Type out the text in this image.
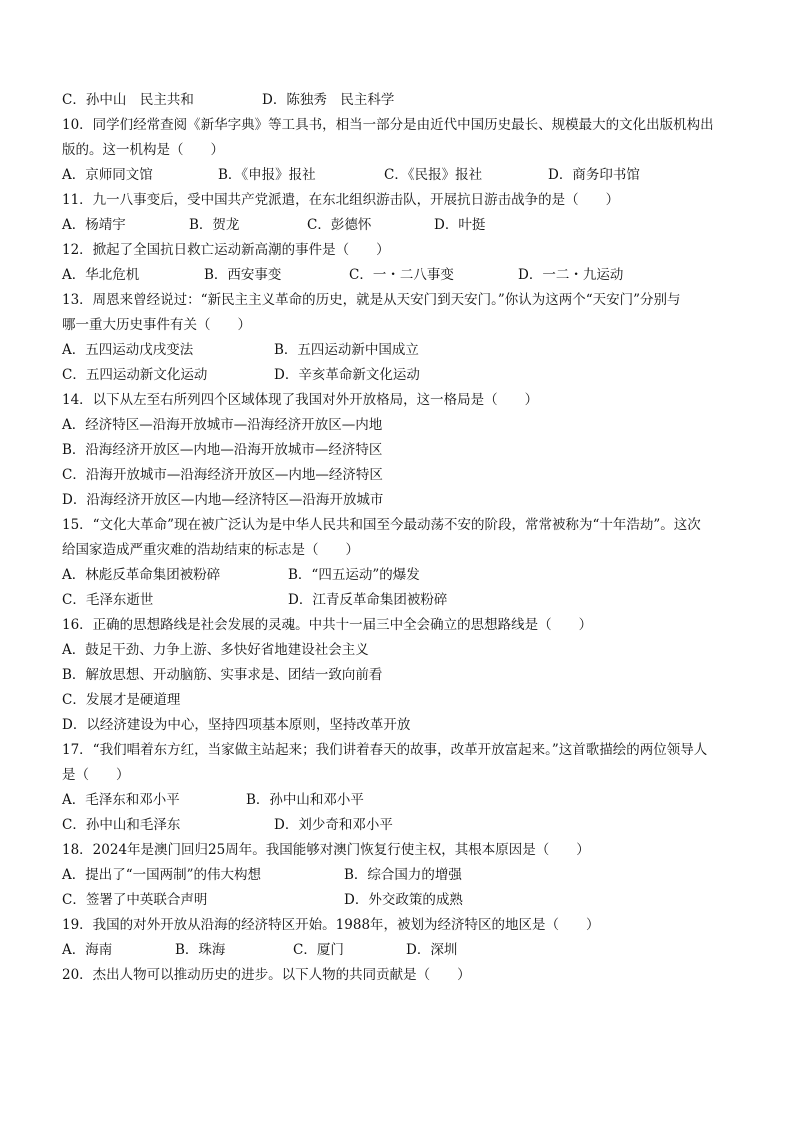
C．孙中山　民主共和	D．陈独秀　民主科学
10．同学们经常查阅《新华字典》等工具书，相当一部分是由近代中国历史最长、规模最大的文化出版机构出
版的。这一机构是（　　）
A．京师同文馆	B．《申报》报社	C．《民报》报社	D．商务印书馆
11．九一八事变后，受中国共产党派遣，在东北组织游击队，开展抗日游击战争的是（　　）
A．杨靖宇	B．贺龙	C．彭德怀	D．叶挺
12．掀起了全国抗日救亡运动新高潮的事件是（　　）
A．华北危机	B．西安事变	C．一・二八事变	D．一二・九运动
13．周恩来曾经说过：“新民主主义革命的历史，就是从天安门到天安门。”你认为这两个“天安门”分别与
哪一重大历史事件有关（　　）
A．五四运动戊戌变法	B．五四运动新中国成立
C．五四运动新文化运动	D．辛亥革命新文化运动
14．以下从左至右所列四个区域体现了我国对外开放格局，这一格局是（　　）
A．经济特区—沿海开放城市—沿海经济开放区—内地
B．沿海经济开放区—内地—沿海开放城市—经济特区
C．沿海开放城市—沿海经济开放区—内地—经济特区
D．沿海经济开放区—内地—经济特区—沿海开放城市
15．“文化大革命”现在被广泛认为是中华人民共和国至今最动荡不安的阶段，常常被称为“十年浩劫”。这次
给国家造成严重灾难的浩劫结束的标志是（　　）
A．林彪反革命集团被粉碎	B．“四五运动”的爆发
C．毛泽东逝世	D．江青反革命集团被粉碎
16．正确的思想路线是社会发展的灵魂。中共十一届三中全会确立的思想路线是（　　）
A．鼓足干劲、力争上游、多快好省地建设社会主义
B．解放思想、开动脑筋、实事求是、团结一致向前看
C．发展才是硬道理
D．以经济建设为中心，坚持四项基本原则，坚持改革开放
17．“我们唱着东方红，当家做主站起来；我们讲着春天的故事，改革开放富起来。”这首歌描绘的两位领导人
是（　　）
A．毛泽东和邓小平	B．孙中山和邓小平
C．孙中山和毛泽东	D．刘少奇和邓小平
18．2024年是澳门回归25周年。我国能够对澳门恢复行使主权，其根本原因是（　　）
A．提出了“一国两制”的伟大构想	B．综合国力的增强
C．签署了中英联合声明	D．外交政策的成熟
19．我国的对外开放从沿海的经济特区开始。1988年，被划为经济特区的地区是（　　）
A．海南	B．珠海	C．厦门	D．深圳
20．杰出人物可以推动历史的进步。以下人物的共同贡献是（　　）
